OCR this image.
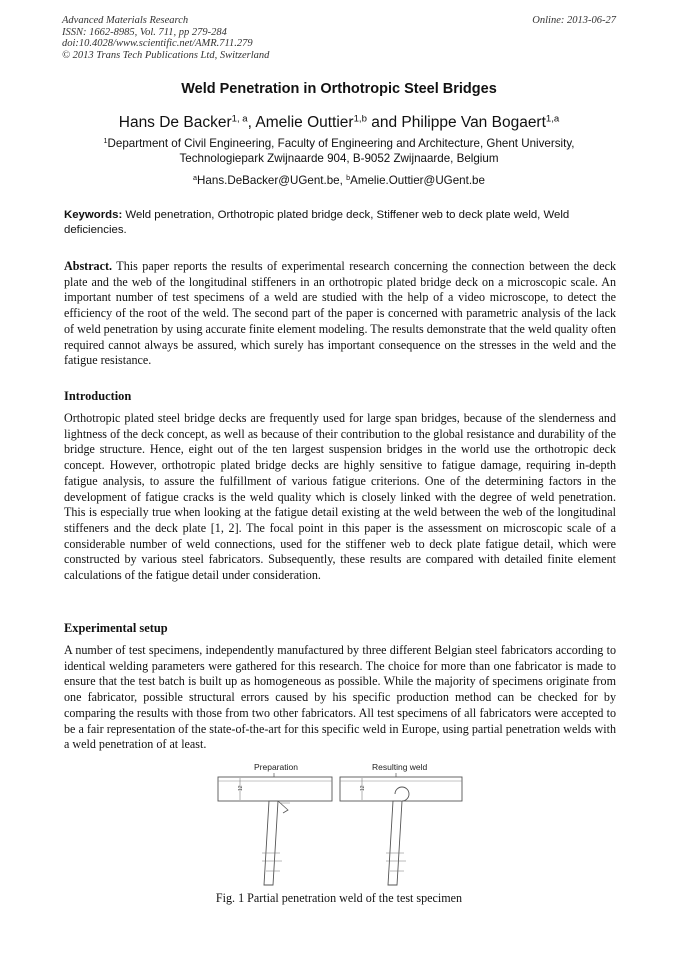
Advanced Materials Research
ISSN: 1662-8985, Vol. 711, pp 279-284
doi:10.4028/www.scientific.net/AMR.711.279
© 2013 Trans Tech Publications Ltd, Switzerland
Online: 2013-06-27
Weld Penetration in Orthotropic Steel Bridges
Hans De Backer$^{1, a}$, Amelie Outtier$^{1,b}$ and Philippe Van Bogaert$^{1,a}$
$^1$Department of Civil Engineering, Faculty of Engineering and Architecture, Ghent University,
Technologiepark Zwijnaarde 904, B-9052 Zwijnaarde, Belgium
$^a$Hans.DeBacker@UGent.be, $^b$Amelie.Outtier@UGent.be
Keywords: Weld penetration, Orthotropic plated bridge deck, Stiffener web to deck plate weld, Weld deficiencies.
Abstract. This paper reports the results of experimental research concerning the connection between the deck plate and the web of the longitudinal stiffeners in an orthotropic plated bridge deck on a microscopic scale. An important number of test specimens of a weld are studied with the help of a video microscope, to detect the efficiency of the root of the weld. The second part of the paper is concerned with parametric analysis of the lack of weld penetration by using accurate finite element modeling. The results demonstrate that the weld quality often required cannot always be assured, which surely has important consequence on the stresses in the weld and the fatigue resistance.
Introduction
Orthotropic plated steel bridge decks are frequently used for large span bridges, because of the slenderness and lightness of the deck concept, as well as because of their contribution to the global resistance and durability of the bridge structure. Hence, eight out of the ten largest suspension bridges in the world use the orthotropic deck concept. However, orthotropic plated bridge decks are highly sensitive to fatigue damage, requiring in-depth fatigue analysis, to assure the fulfillment of various fatigue criterions. One of the determining factors in the development of fatigue cracks is the weld quality which is closely linked with the degree of weld penetration. This is especially true when looking at the fatigue detail existing at the weld between the web of the longitudinal stiffeners and the deck plate [1, 2]. The focal point in this paper is the assessment on microscopic scale of a considerable number of weld connections, used for the stiffener web to deck plate fatigue detail, which were constructed by various steel fabricators. Subsequently, these results are compared with detailed finite element calculations of the fatigue detail under consideration.
Experimental setup
A number of test specimens, independently manufactured by three different Belgian steel fabricators according to identical welding parameters were gathered for this research. The choice for more than one fabricator is made to ensure that the test batch is built up as homogeneous as possible. While the majority of specimens originate from one fabricator, possible structural errors caused by his specific production method can be checked for by comparing the results with those from two other fabricators. All test specimens of all fabricators were accepted to be a fair representation of the state-of-the-art for this specific weld in Europe, using partial penetration welds with a weld penetration of at least.
12
Preparation
12
Resulting weld
Fig. 1 Partial penetration weld of the test specimen
